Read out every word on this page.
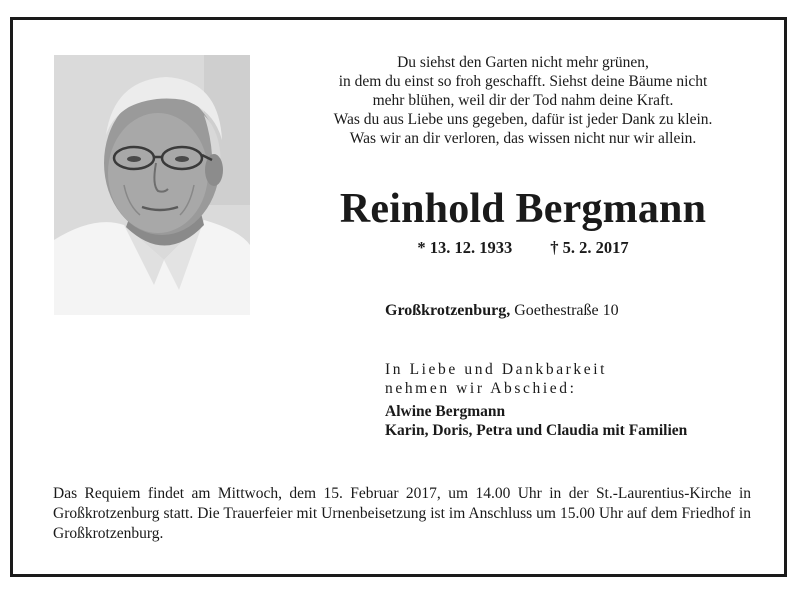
Du siehst den Garten nicht mehr grünen,
in dem du einst so froh geschafft. Siehst deine Bäume nicht
mehr blühen, weil dir der Tod nahm deine Kraft.
Was du aus Liebe uns gegeben, dafür ist jeder Dank zu klein.
Was wir an dir verloren, das wissen nicht nur wir allein.
Reinhold Bergmann
* 13. 12. 1933 † 5. 2. 2017
Großkrotzenburg, Goethestraße 10
In Liebe und Dankbarkeit
nehmen wir Abschied:
Alwine Bergmann
Karin, Doris, Petra und Claudia mit Familien
Das Requiem findet am Mittwoch, dem 15. Februar 2017, um 14.00 Uhr in der St.-Laurentius-Kirche in Großkrotzenburg statt. Die Trauerfeier mit Urnenbeisetzung ist im Anschluss um 15.00 Uhr auf dem Friedhof in Großkrotzenburg.
